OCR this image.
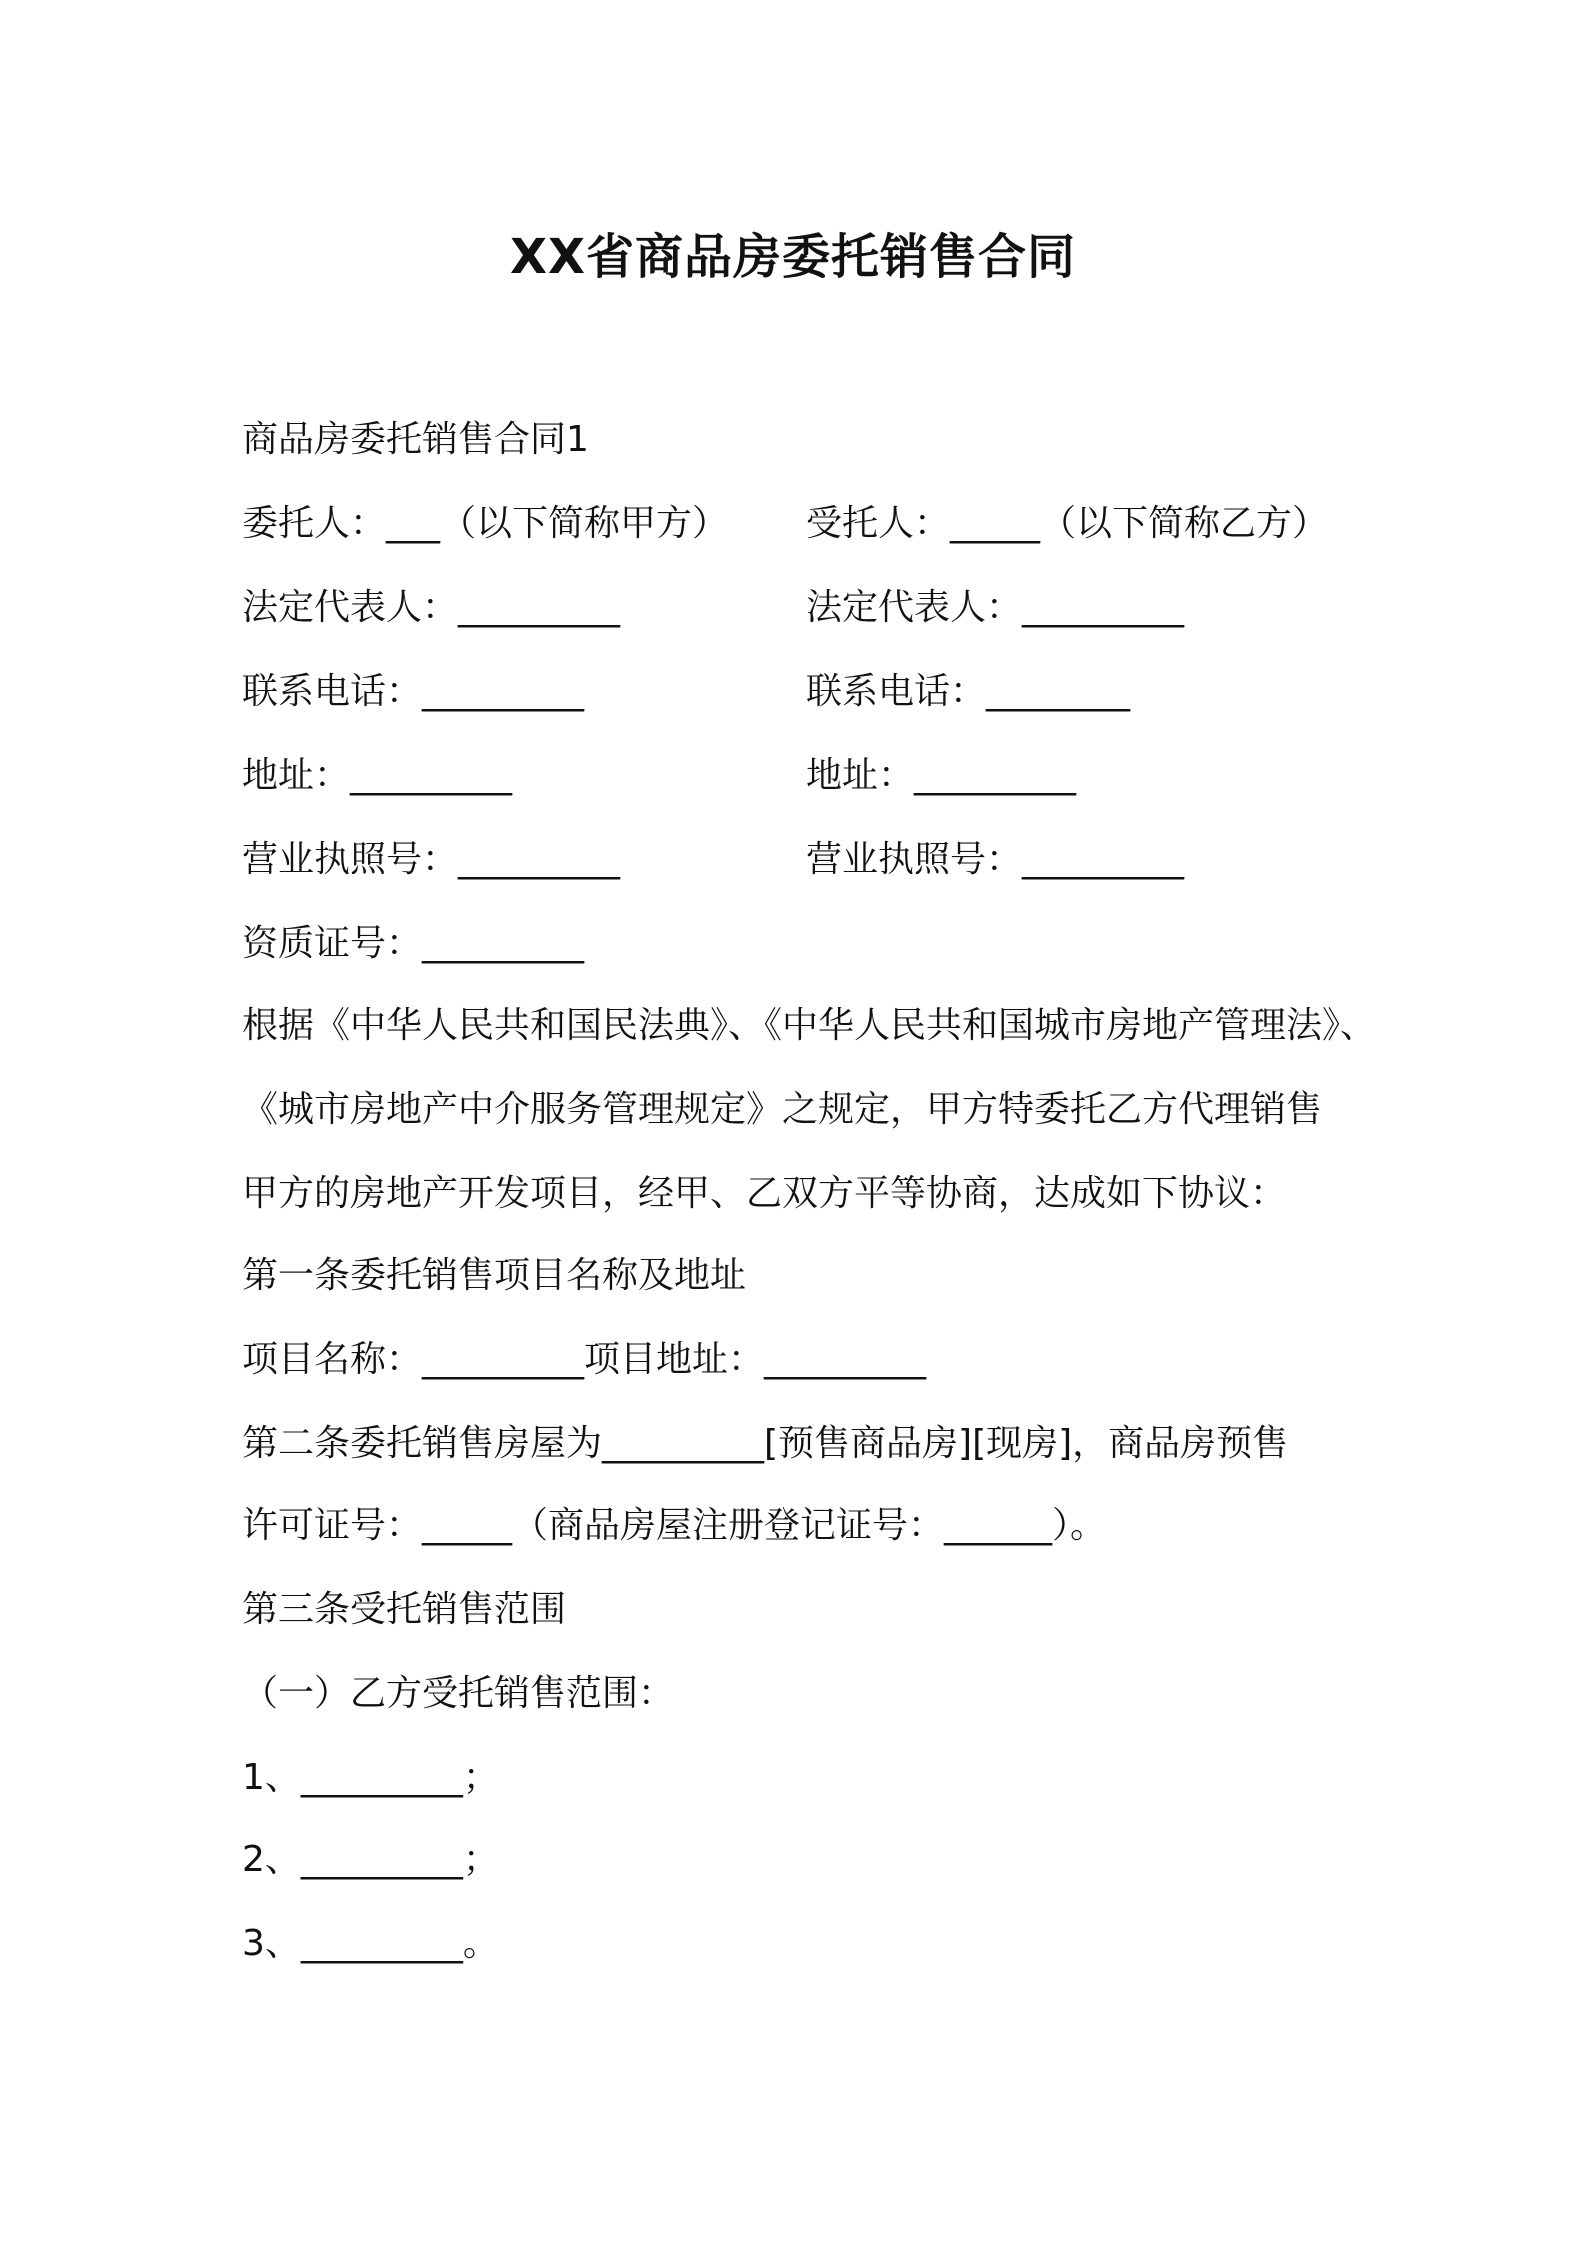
XX省商品房委托销售合同
商品房委托销售合同1
委托人：___（以下简称甲方） 受托人：_____（以下简称乙方）
法定代表人：_________	法定代表人：_________
联系电话：_________	联系电话：________
地址：_________	地址：_________
营业执照号：_________	营业执照号：_________
资质证号：_________
根据《中华人民共和国民法典》、《中华人民共和国城市房地产管理法》、
《城市房地产中介服务管理规定》之规定，甲方特委托乙方代理销售
甲方的房地产开发项目，经甲、乙双方平等协商，达成如下协议：
第一条委托销售项目名称及地址
项目名称：_________项目地址：_________
第二条委托销售房屋为_________[预售商品房][现房]，商品房预售
许可证号：_____（商品房屋注册登记证号：______）。
第三条受托销售范围
（一）乙方受托销售范围：
1、_________；
2、_________；
3、_________。
